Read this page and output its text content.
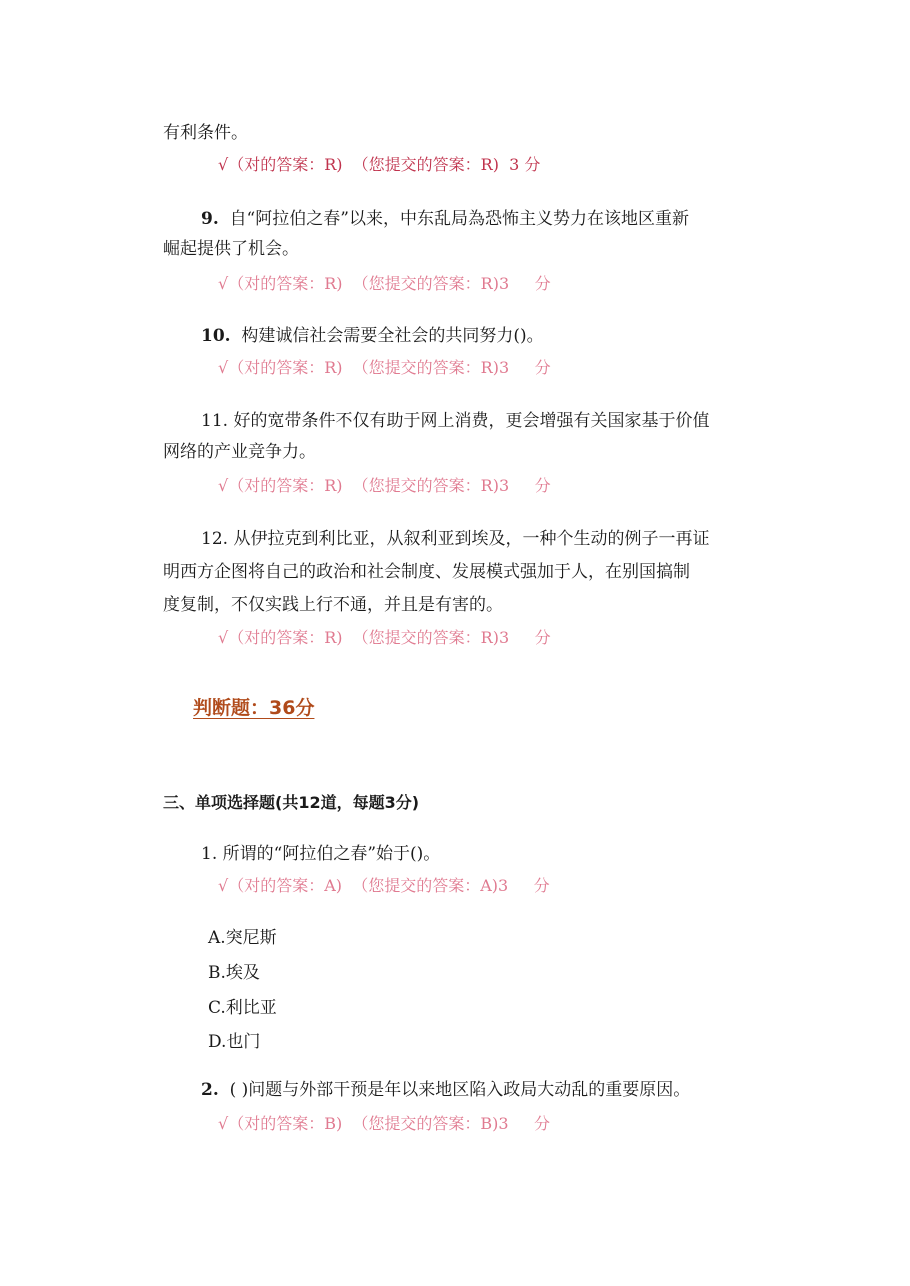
有利条件。
√（对的答案：R) （您提交的答案：R) 3 分
9. 自“阿拉伯之春”以来，中东乱局為恐怖主义势力在该地区重新
崛起提供了机会。
√（对的答案：R) （您提交的答案：R)3 分
10. 构建诚信社会需要全社会的共同努力()。
√（对的答案：R) （您提交的答案：R)3 分
11. 好的宽带条件不仅有助于网上消费，更会增强有关国家基于价值
网络的产业竞争力。
√（对的答案：R) （您提交的答案：R)3 分
12. 从伊拉克到利比亚，从叙利亚到埃及，一种个生动的例子一再证
明西方企图将自己的政治和社会制度、发展模式强加于人，在别国搞制
度复制，不仅实践上行不通，并且是有害的。
√（对的答案：R) （您提交的答案：R)3 分
判断题：36分
三、单项选择题(共12道，每题3分)
1. 所谓的“阿拉伯之春”始于()。
√（对的答案：A) （您提交的答案：A)3 分
A.突尼斯
B.埃及
C.利比亚
D.也门
2. ( )问题与外部干预是年以来地区陷入政局大动乱的重要原因。
√（对的答案：B) （您提交的答案：B)3 分
